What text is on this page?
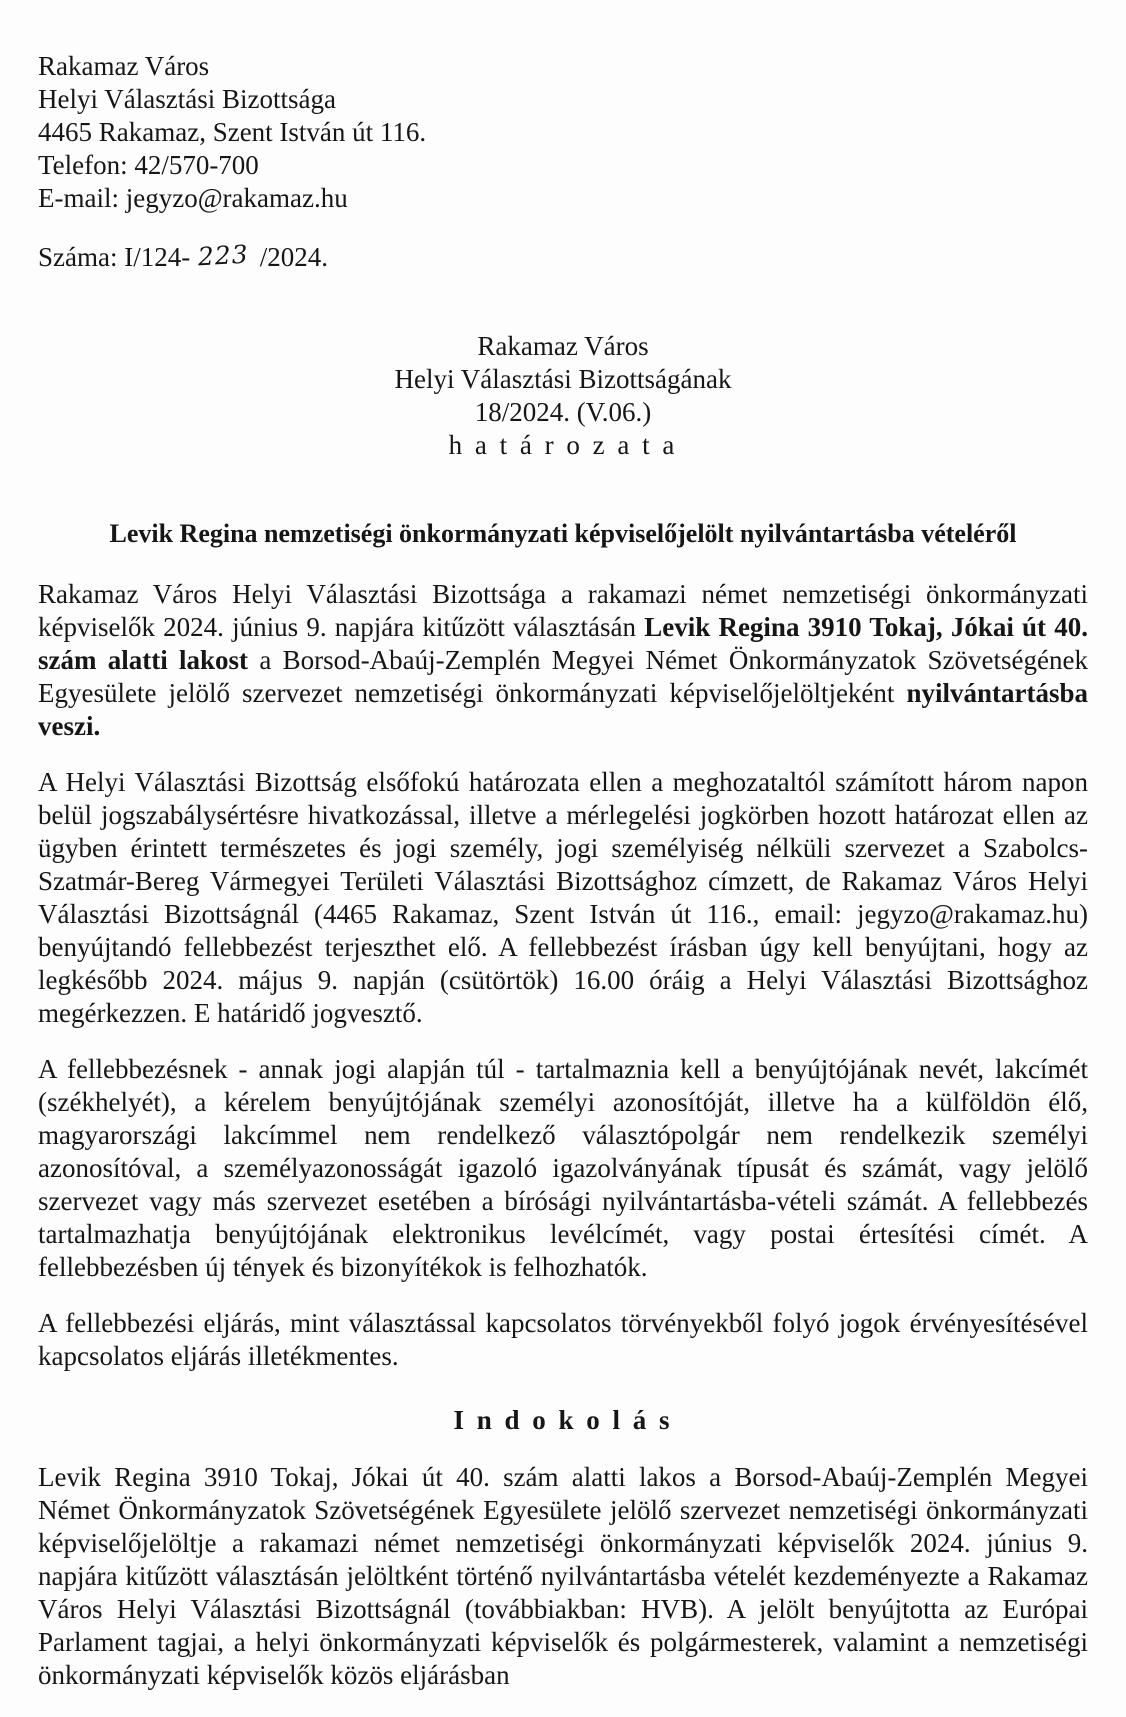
Rakamaz Város
Helyi Választási Bizottsága
4465 Rakamaz, Szent István út 116.
Telefon: 42/570-700
E-mail: jegyzo@rakamaz.hu
Száma: I/124- 223 /2024.
Rakamaz Város
Helyi Választási Bizottságának
18/2024. (V.06.)
h a t á r o z a t a
Levik Regina nemzetiségi önkormányzati képviselőjelölt nyilvántartásba vételéről

Rakamaz Város Helyi Választási Bizottsága a rakamazi német nemzetiségi önkormányzati képviselők 2024. június 9. napjára kitűzött választásán Levik Regina 3910 Tokaj, Jókai út 40. szám alatti lakost a Borsod-Abaúj-Zemplén Megyei Német Önkormányzatok Szövetségének Egyesülete jelölő szervezet nemzetiségi önkormányzati képviselőjelöltjeként nyilvántartásba veszi.

A Helyi Választási Bizottság elsőfokú határozata ellen a meghozataltól számított három napon belül jogszabálysértésre hivatkozással, illetve a mérlegelési jogkörben hozott határozat ellen az ügyben érintett természetes és jogi személy, jogi személyiség nélküli szervezet a Szabolcs-Szatmár-Bereg Vármegyei Területi Választási Bizottsághoz címzett, de Rakamaz Város Helyi Választási Bizottságnál (4465 Rakamaz, Szent István út 116., email: jegyzo@rakamaz.hu) benyújtandó fellebbezést terjeszthet elő. A fellebbezést írásban úgy kell benyújtani, hogy az legkésőbb 2024. május 9. napján (csütörtök) 16.00 óráig a Helyi Választási Bizottsághoz megérkezzen. E határidő jogvesztő.

A fellebbezésnek - annak jogi alapján túl - tartalmaznia kell a benyújtójának nevét, lakcímét (székhelyét), a kérelem benyújtójának személyi azonosítóját, illetve ha a külföldön élő, magyarországi lakcímmel nem rendelkező választópolgár nem rendelkezik személyi azonosítóval, a személyazonosságát igazoló igazolványának típusát és számát, vagy jelölő szervezet vagy más szervezet esetében a bírósági nyilvántartásba-vételi számát. A fellebbezés tartalmazhatja benyújtójának elektronikus levélcímét, vagy postai értesítési címét. A fellebbezésben új tények és bizonyítékok is felhozhatók.

A fellebbezési eljárás, mint választással kapcsolatos törvényekből folyó jogok érvényesítésével kapcsolatos eljárás illetékmentes.

I n d o k o l á s

Levik Regina 3910 Tokaj, Jókai út 40. szám alatti lakos a Borsod-Abaúj-Zemplén Megyei Német Önkormányzatok Szövetségének Egyesülete jelölő szervezet nemzetiségi önkormányzati képviselőjelöltje a rakamazi német nemzetiségi önkormányzati képviselők 2024. június 9. napjára kitűzött választásán jelöltként történő nyilvántartásba vételét kezdeményezte a Rakamaz Város Helyi Választási Bizottságnál (továbbiakban: HVB). A jelölt benyújtotta az Európai Parlament tagjai, a helyi önkormányzati képviselők és polgármesterek, valamint a nemzetiségi önkormányzati képviselők közös eljárásban
